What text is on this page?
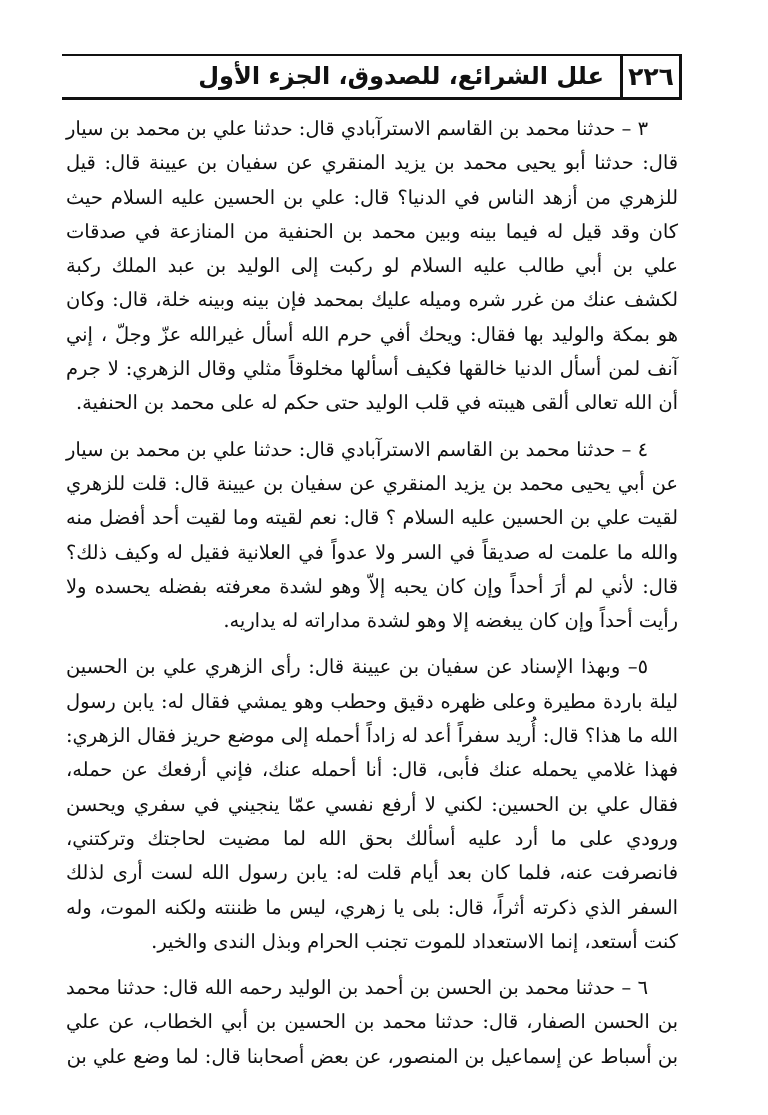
٢٢٦
علل الشرائع، للصدوق، الجزء الأول

٣ – حدثنا محمد بن القاسم الاسترآبادي قال: حدثنا علي بن محمد بن سيار قال: حدثنا أبو يحيى محمد بن يزيد المنقري عن سفيان بن عيينة قال: قيل للزهري من أزهد الناس في الدنيا؟ قال: علي بن الحسين عليه السلام حيث كان وقد قيل له فيما بينه وبين محمد بن الحنفية من المنازعة في صدقات علي بن أبي طالب عليه السلام لو ركبت إلى الوليد بن عبد الملك ركبة لكشف عنك من غرر شره وميله عليك بمحمد فإن بينه وبينه خلة، قال: وكان هو بمكة والوليد بها فقال: ويحك أفي حرم الله أسأل غيرالله عزّ وجلّ ، إني آنف لمن أسأل الدنيا خالقها فكيف أسألها مخلوقاً مثلي وقال الزهري: لا جرم أن الله تعالى ألقى هيبته في قلب الوليد حتى حكم له على محمد بن الحنفية.

٤ – حدثنا محمد بن القاسم الاسترآبادي قال: حدثنا علي بن محمد بن سيار عن أبي يحيى محمد بن يزيد المنقري عن سفيان بن عيينة قال: قلت للزهري لقيت علي بن الحسين عليه السلام ؟ قال: نعم لقيته وما لقيت أحد أفضل منه والله ما علمت له صديقاً في السر ولا عدواً في العلانية فقيل له وكيف ذلك؟ قال: لأني لم أرَ أحداً وإن كان يحبه إلاّ وهو لشدة معرفته بفضله يحسده ولا رأيت أحداً وإن كان يبغضه إلا وهو لشدة مداراته له يداريه.

٥– وبهذا الإسناد عن سفيان بن عيينة قال: رأى الزهري علي بن الحسين ليلة باردة مطيرة وعلى ظهره دقيق وحطب وهو يمشي فقال له: يابن رسول الله ما هذا؟ قال: أُريد سفراً أعد له زاداً أحمله إلى موضع حريز فقال الزهري: فهذا غلامي يحمله عنك فأبى، قال: أنا أحمله عنك، فإني أرفعك عن حمله، فقال علي بن الحسين: لكني لا أرفع نفسي عمّا ينجيني في سفري ويحسن ورودي على ما أرد عليه أسألك بحق الله لما مضيت لحاجتك وتركتني، فانصرفت عنه، فلما كان بعد أيام قلت له: يابن رسول الله لست أرى لذلك السفر الذي ذكرته أثراً، قال: بلى يا زهري، ليس ما ظننته ولكنه الموت، وله كنت أستعد، إنما الاستعداد للموت تجنب الحرام وبذل الندى والخير.

٦ – حدثنا محمد بن الحسن بن أحمد بن الوليد رحمه الله قال: حدثنا محمد بن الحسن الصفار، قال: حدثنا محمد بن الحسين بن أبي الخطاب، عن علي بن أسباط عن إسماعيل بن المنصور، عن بعض أصحابنا قال: لما وضع علي بن
